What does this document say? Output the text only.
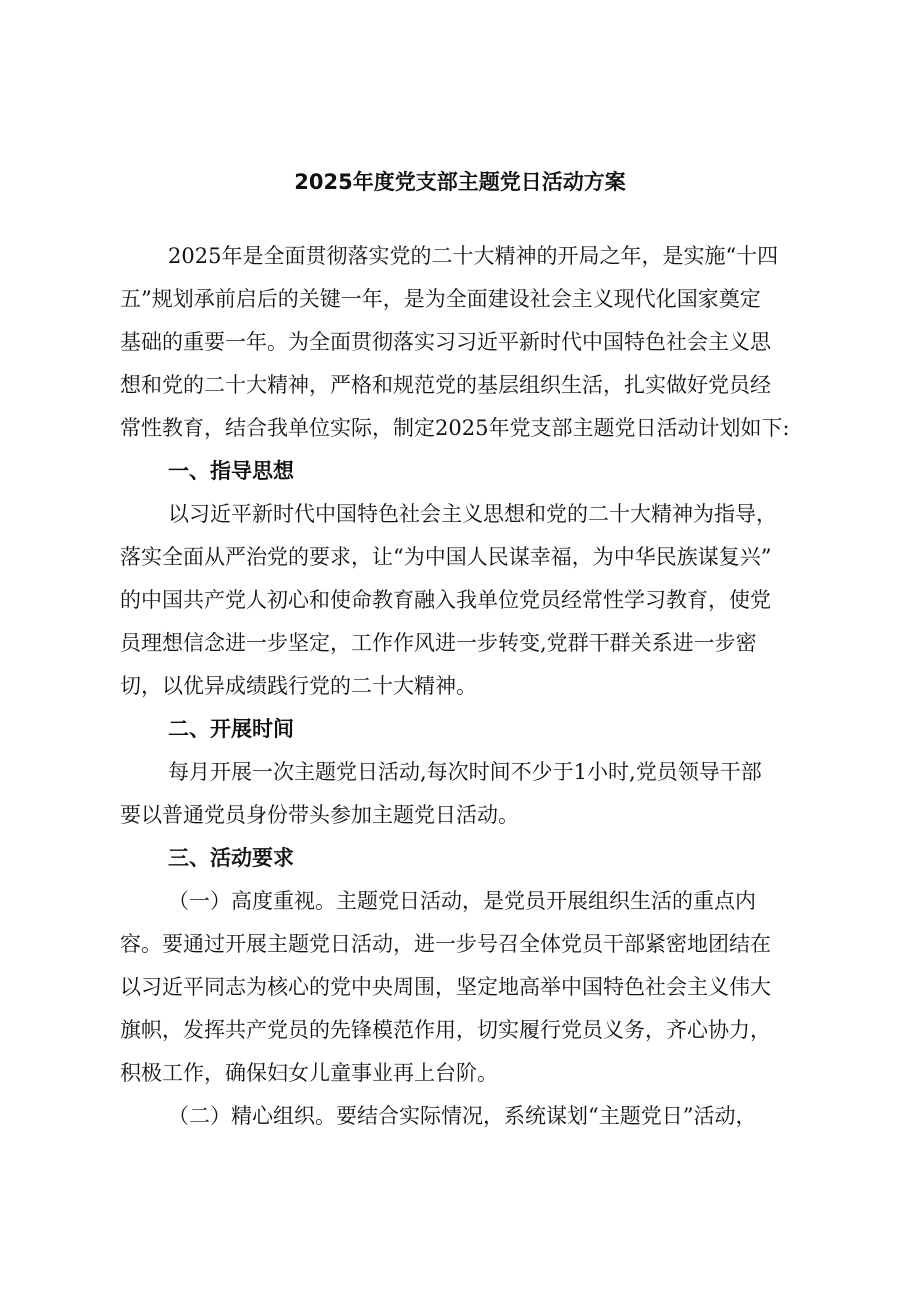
2025年度党支部主题党日活动方案
2025年是全面贯彻落实党的二十大精神的开局之年，是实施“十四
五”规划承前启后的关键一年，是为全面建设社会主义现代化国家奠定
基础的重要一年。为全面贯彻落实习习近平新时代中国特色社会主义思
想和党的二十大精神，严格和规范党的基层组织生活，扎实做好党员经
常性教育，结合我单位实际，制定2025年党支部主题党日活动计划如下:
一、指导思想
以习近平新时代中国特色社会主义思想和党的二十大精神为指导，
落实全面从严治党的要求，让“为中国人民谋幸福，为中华民族谋复兴”
的中国共产党人初心和使命教育融入我单位党员经常性学习教育，使党
员理想信念进一步坚定，工作作风进一步转变,党群干群关系进一步密
切，以优异成绩践行党的二十大精神。
二、开展时间
每月开展一次主题党日活动,每次时间不少于1小时,党员领导干部
要以普通党员身份带头参加主题党日活动。
三、活动要求
（一）高度重视。主题党日活动，是党员开展组织生活的重点内
容。要通过开展主题党日活动，进一步号召全体党员干部紧密地团结在
以习近平同志为核心的党中央周围，坚定地高举中国特色社会主义伟大
旗帜，发挥共产党员的先锋模范作用，切实履行党员义务，齐心协力，
积极工作，确保妇女儿童事业再上台阶。
（二）精心组织。要结合实际情况，系统谋划“主题党日”活动，
